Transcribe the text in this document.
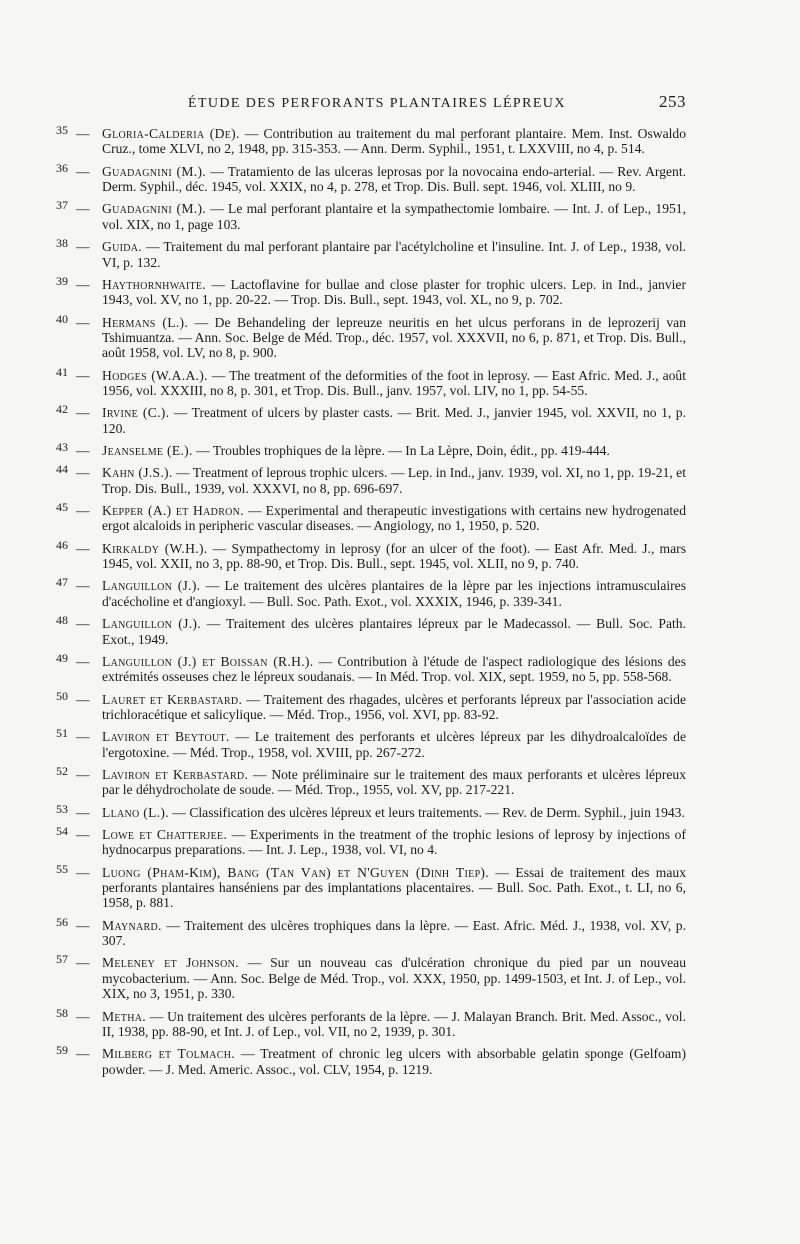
ÉTUDE DES PERFORANTS PLANTAIRES LÉPREUX	253
35 — Gloria-Calderia (De). — Contribution au traitement du mal perforant plantaire. Mem. Inst. Oswaldo Cruz., tome XLVI, no 2, 1948, pp. 315-353. — Ann. Derm. Syphil., 1951, t. LXXVIII, no 4, p. 514.
36 — Guadagnini (M.). — Tratamiento de las ulceras leprosas por la novocaina endo-arterial. — Rev. Argent. Derm. Syphil., déc. 1945, vol. XXIX, no 4, p. 278, et Trop. Dis. Bull. sept. 1946, vol. XLIII, no 9.
37 — Guadagnini (M.). — Le mal perforant plantaire et la sympathectomie lombaire. — Int. J. of Lep., 1951, vol. XIX, no 1, page 103.
38 — Guida. — Traitement du mal perforant plantaire par l'acétylcholine et l'insuline. Int. J. of Lep., 1938, vol. VI, p. 132.
39 — Haythornhwaite. — Lactoflavine for bullae and close plaster for trophic ulcers. Lep. in Ind., janvier 1943, vol. XV, no 1, pp. 20-22. — Trop. Dis. Bull., sept. 1943, vol. XL, no 9, p. 702.
40 — Hermans (L.). — De Behandeling der lepreuze neuritis en het ulcus perforans in de leprozerij van Tshimuantza. — Ann. Soc. Belge de Méd. Trop., déc. 1957, vol. XXXVII, no 6, p. 871, et Trop. Dis. Bull., août 1958, vol. LV, no 8, p. 900.
41 — Hodges (W.A.A.). — The treatment of the deformities of the foot in leprosy. — East Afric. Med. J., août 1956, vol. XXXIII, no 8, p. 301, et Trop. Dis. Bull., janv. 1957, vol. LIV, no 1, pp. 54-55.
42 — Irvine (C.). — Treatment of ulcers by plaster casts. — Brit. Med. J., janvier 1945, vol. XXVII, no 1, p. 120.
43 — Jeanselme (E.). — Troubles trophiques de la lèpre. — In La Lèpre, Doin, édit., pp. 419-444.
44 — Kahn (J.S.). — Treatment of leprous trophic ulcers. — Lep. in Ind., janv. 1939, vol. XI, no 1, pp. 19-21, et Trop. Dis. Bull., 1939, vol. XXXVI, no 8, pp. 696-697.
45 — Kepper (A.) et Hadron. — Experimental and therapeutic investigations with certains new hydrogenated ergot alcaloids in peripheric vascular diseases. — Angiology, no 1, 1950, p. 520.
46 — Kirkaldy (W.H.). — Sympathectomy in leprosy (for an ulcer of the foot). — East Afr. Med. J., mars 1945, vol. XXII, no 3, pp. 88-90, et Trop. Dis. Bull., sept. 1945, vol. XLII, no 9, p. 740.
47 — Languillon (J.). — Le traitement des ulcères plantaires de la lèpre par les injections intramusculaires d'acécholine et d'angioxyl. — Bull. Soc. Path. Exot., vol. XXXIX, 1946, p. 339-341.
48 — Languillon (J.). — Traitement des ulcères plantaires lépreux par le Madecassol. — Bull. Soc. Path. Exot., 1949.
49 — Languillon (J.) et Boissan (R.H.). — Contribution à l'étude de l'aspect radiologique des lésions des extrémités osseuses chez le lépreux soudanais. — In Méd. Trop. vol. XIX, sept. 1959, no 5, pp. 558-568.
50 — Lauret et Kerbastard. — Traitement des rhagades, ulcères et perforants lépreux par l'association acide trichloracétique et salicylique. — Méd. Trop., 1956, vol. XVI, pp. 83-92.
51 — Laviron et Beytout. — Le traitement des perforants et ulcères lépreux par les dihydroalcaloïdes de l'ergotoxine. — Méd. Trop., 1958, vol. XVIII, pp. 267-272.
52 — Laviron et Kerbastard. — Note préliminaire sur le traitement des maux perforants et ulcères lépreux par le déhydrocholate de soude. — Méd. Trop., 1955, vol. XV, pp. 217-221.
53 — Llano (L.). — Classification des ulcères lépreux et leurs traitements. — Rev. de Derm. Syphil., juin 1943.
54 — Lowe et Chatterjee. — Experiments in the treatment of the trophic lesions of leprosy by injections of hydnocarpus preparations. — Int. J. Lep., 1938, vol. VI, no 4.
55 — Luong (Pham-Kim), Bang (Tan Van) et N'Guyen (Dinh Tiep). — Essai de traitement des maux perforants plantaires hanséniens par des implantations placentaires. — Bull. Soc. Path. Exot., t. LI, no 6, 1958, p. 881.
56 — Maynard. — Traitement des ulcères trophiques dans la lèpre. — East. Afric. Méd. J., 1938, vol. XV, p. 307.
57 — Meleney et Johnson. — Sur un nouveau cas d'ulcération chronique du pied par un nouveau mycobacterium. — Ann. Soc. Belge de Méd. Trop., vol. XXX, 1950, pp. 1499-1503, et Int. J. of Lep., vol. XIX, no 3, 1951, p. 330.
58 — Metha. — Un traitement des ulcères perforants de la lèpre. — J. Malayan Branch. Brit. Med. Assoc., vol. II, 1938, pp. 88-90, et Int. J. of Lep., vol. VII, no 2, 1939, p. 301.
59 — Milberg et Tolmach. — Treatment of chronic leg ulcers with absorbable gelatin sponge (Gelfoam) powder. — J. Med. Americ. Assoc., vol. CLV, 1954, p. 1219.
